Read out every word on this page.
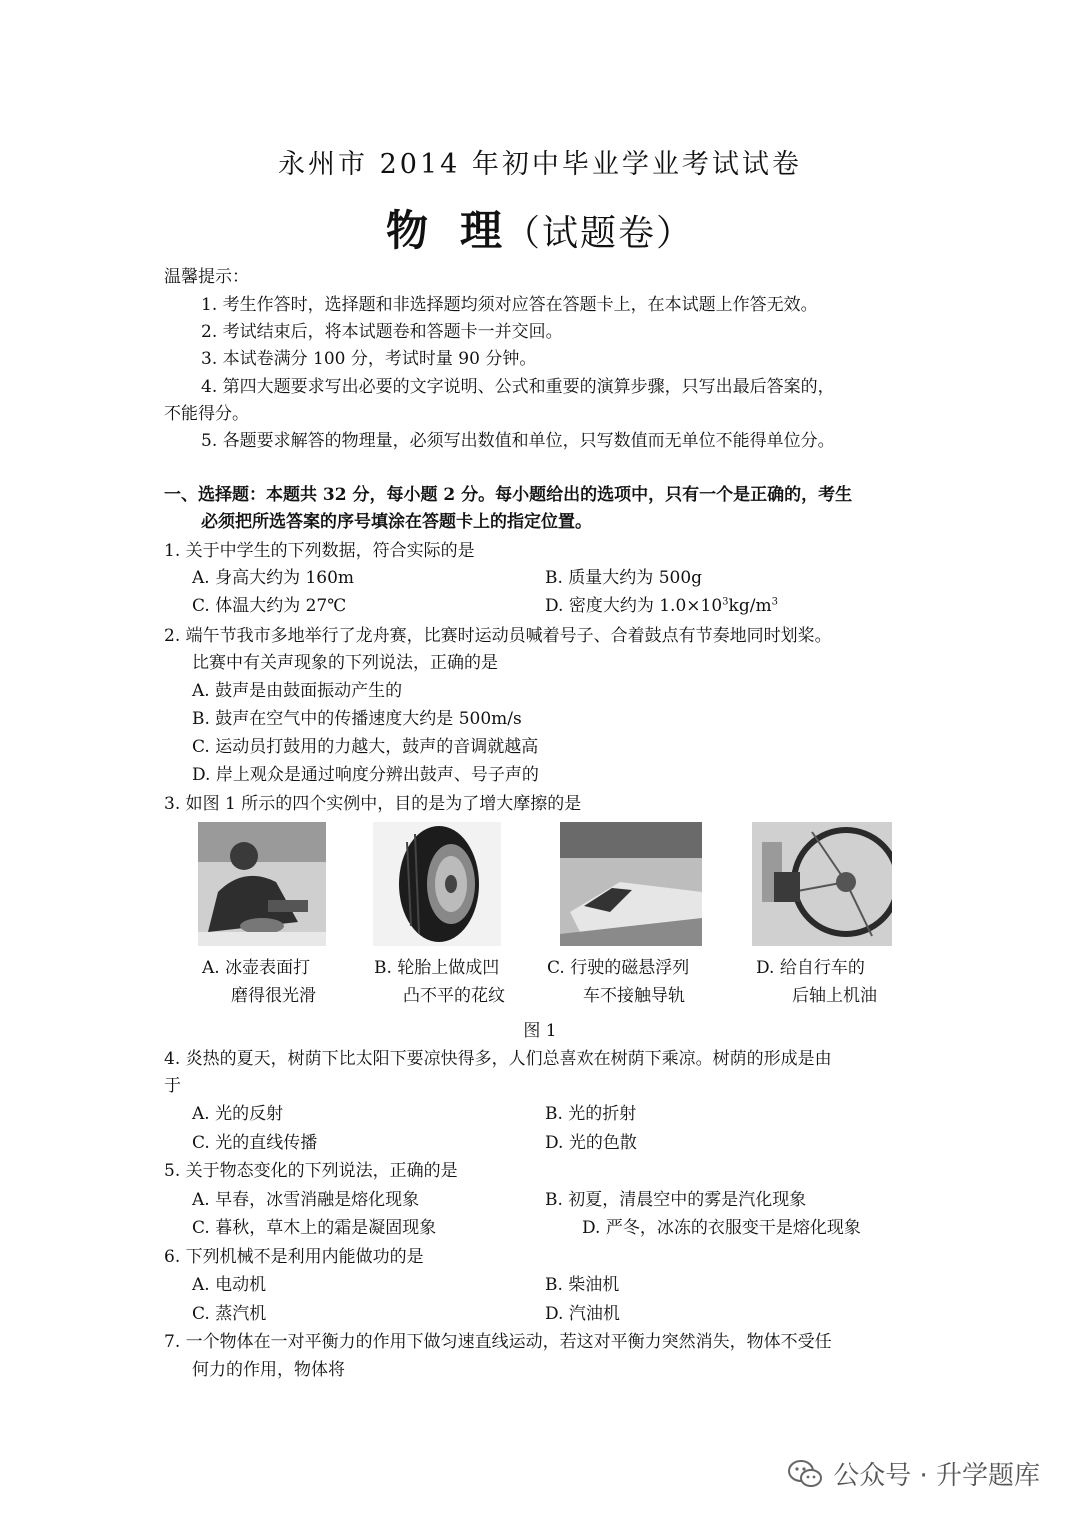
永州市 2014 年初中毕业学业考试试卷
物 理（试题卷）
温馨提示：
1. 考生作答时，选择题和非选择题均须对应答在答题卡上，在本试题上作答无效。
2. 考试结束后，将本试题卷和答题卡一并交回。
3. 本试卷满分 100 分，考试时量 90 分钟。
4. 第四大题要求写出必要的文字说明、公式和重要的演算步骤，只写出最后答案的，
不能得分。
5. 各题要求解答的物理量，必须写出数值和单位，只写数值而无单位不能得单位分。
一、选择题：本题共 32 分，每小题 2 分。每小题给出的选项中，只有一个是正确的，考生
必须把所选答案的序号填涂在答题卡上的指定位置。
1. 关于中学生的下列数据，符合实际的是
A. 身高大约为 160m	B. 质量大约为 500g
C. 体温大约为 27℃	D. 密度大约为 $1.0\times 10^3kg/m^3$
2. 端午节我市多地举行了龙舟赛，比赛时运动员喊着号子、合着鼓点有节奏地同时划桨。
比赛中有关声现象的下列说法，正确的是
A. 鼓声是由鼓面振动产生的
B. 鼓声在空气中的传播速度大约是 500m/s
C. 运动员打鼓用的力越大，鼓声的音调就越高
D. 岸上观众是通过响度分辨出鼓声、号子声的
3. 如图 1 所示的四个实例中，目的是为了增大摩擦的是
A. 冰壶表面打
磨得很光滑
B. 轮胎上做成凹
凸不平的花纹
C. 行驶的磁悬浮列
车不接触导轨
D. 给自行车的
后轴上机油
图 1
4. 炎热的夏天，树荫下比太阳下要凉快得多，人们总喜欢在树荫下乘凉。树荫的形成是由
于
A. 光的反射	B. 光的折射
C. 光的直线传播	D. 光的色散
5. 关于物态变化的下列说法，正确的是
A. 早春，冰雪消融是熔化现象	B. 初夏，清晨空中的雾是汽化现象
C. 暮秋，草木上的霜是凝固现象	D. 严冬，冰冻的衣服变干是熔化现象
6. 下列机械不是利用内能做功的是
A. 电动机	B. 柴油机
C. 蒸汽机	D. 汽油机
7. 一个物体在一对平衡力的作用下做匀速直线运动，若这对平衡力突然消失，物体不受任
何力的作用，物体将
公众号 · 升学题库
